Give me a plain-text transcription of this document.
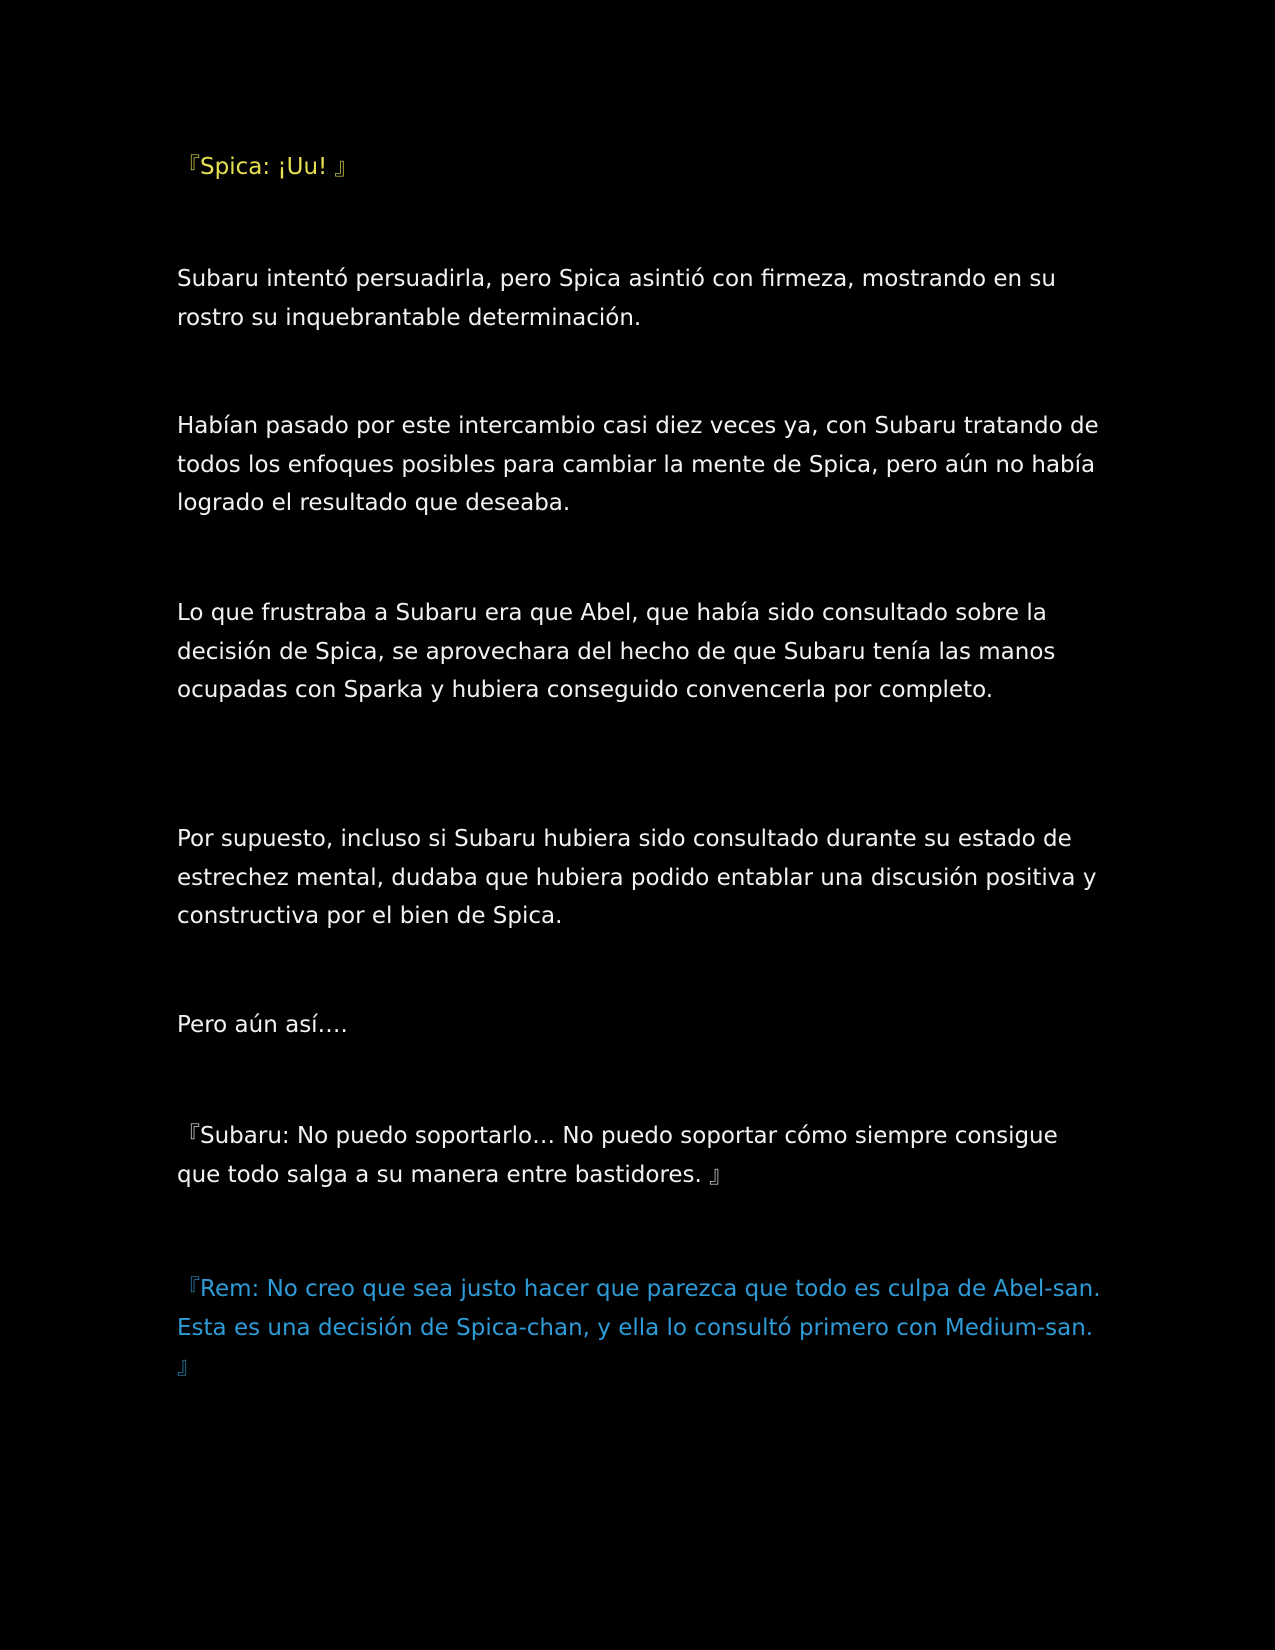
『Spica: ¡Uu! 』

Subaru intentó persuadirla, pero Spica asintió con firmeza, mostrando en su rostro su inquebrantable determinación.

Habían pasado por este intercambio casi diez veces ya, con Subaru tratando de todos los enfoques posibles para cambiar la mente de Spica, pero aún no había logrado el resultado que deseaba.

Lo que frustraba a Subaru era que Abel, que había sido consultado sobre la decisión de Spica, se aprovechara del hecho de que Subaru tenía las manos ocupadas con Sparka y hubiera conseguido convencerla por completo.

Por supuesto, incluso si Subaru hubiera sido consultado durante su estado de estrechez mental, dudaba que hubiera podido entablar una discusión positiva y constructiva por el bien de Spica.

Pero aún así….

『Subaru: No puedo soportarlo… No puedo soportar cómo siempre consigue que todo salga a su manera entre bastidores. 』

『Rem: No creo que sea justo hacer que parezca que todo es culpa de Abel-san. Esta es una decisión de Spica-chan, y ella lo consultó primero con Medium-san. 』
